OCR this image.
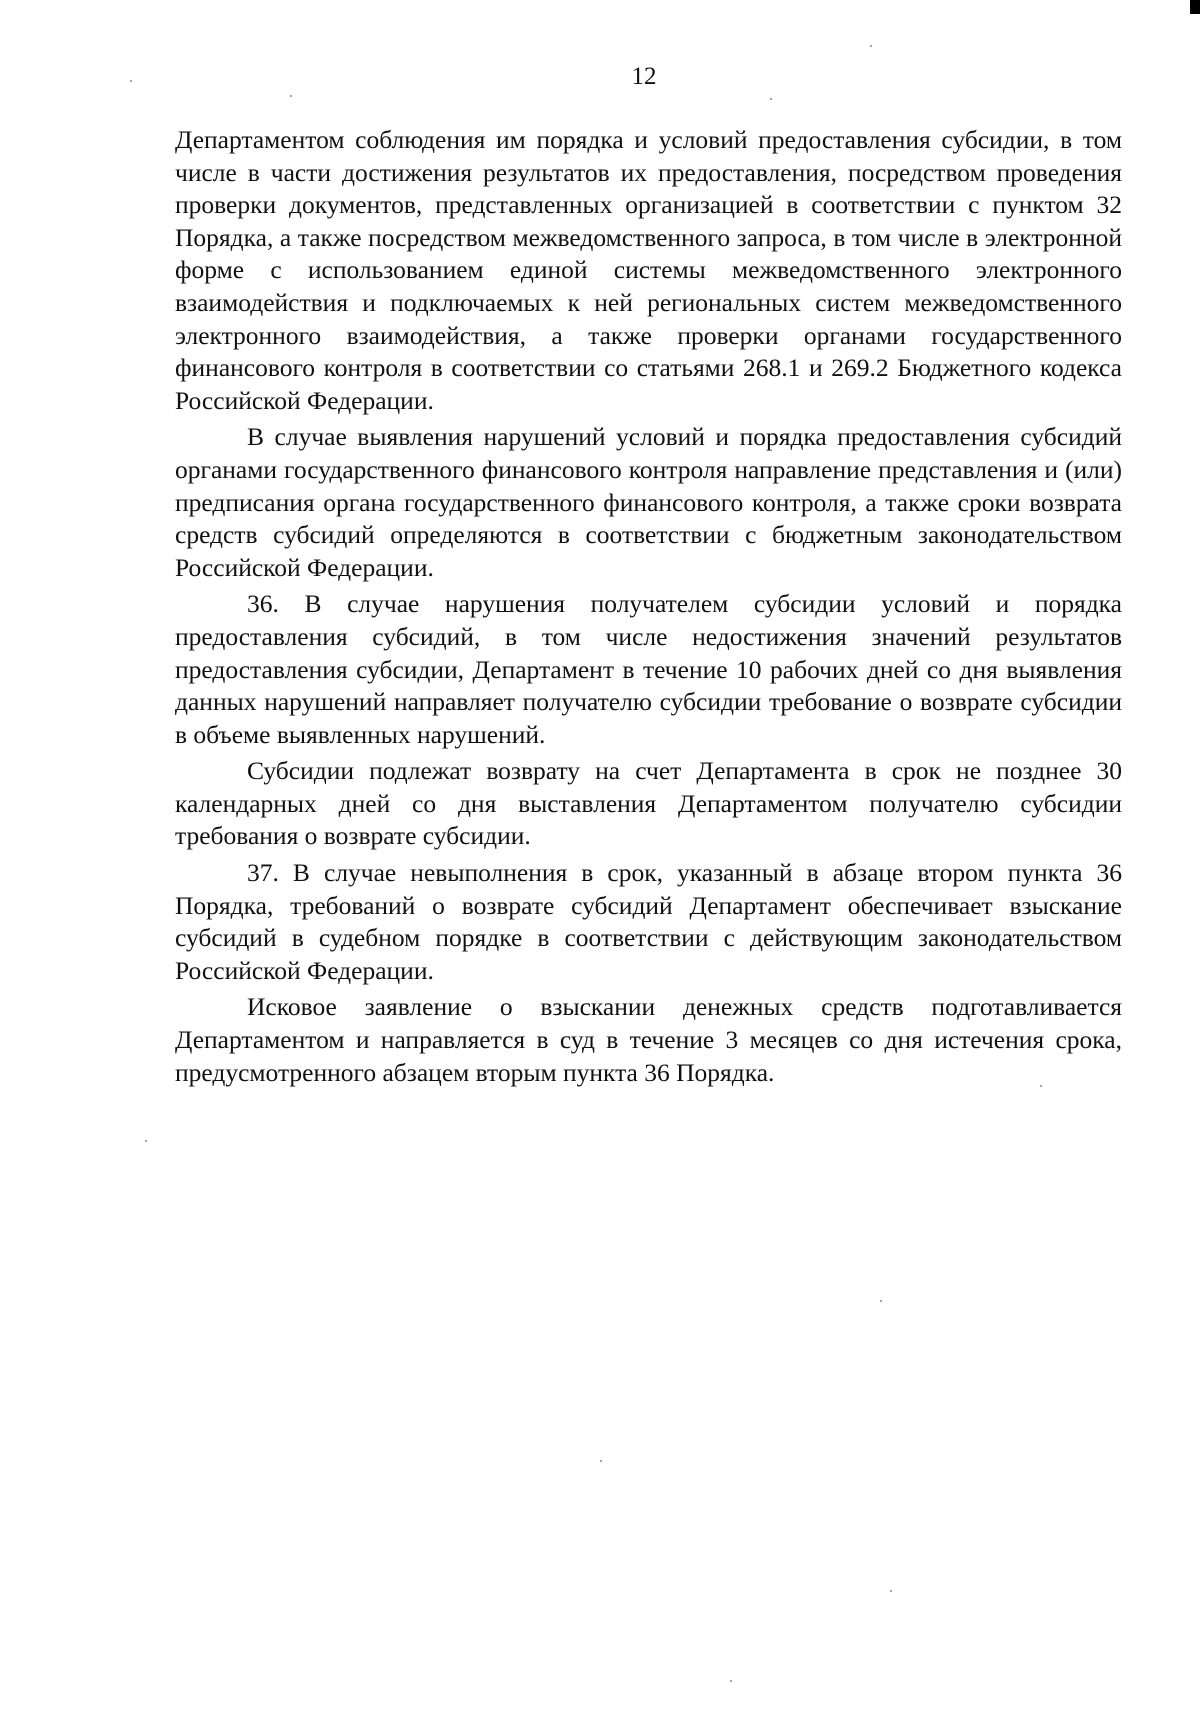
12

Департаментом соблюдения им порядка и условий предоставления субсидии, в том числе в части достижения результатов их предоставления, посредством проведения проверки документов, представленных организацией в соответствии с пунктом 32 Порядка, а также посредством межведомственного запроса, в том числе в электронной форме с использованием единой системы межведомственного электронного взаимодействия и подключаемых к ней региональных систем межведомственного электронного взаимодействия, а также проверки органами государственного финансового контроля в соответствии со статьями 268.1 и 269.2 Бюджетного кодекса Российской Федерации.

В случае выявления нарушений условий и порядка предоставления субсидий органами государственного финансового контроля направление представления и (или) предписания органа государственного финансового контроля, а также сроки возврата средств субсидий определяются в соответствии с бюджетным законодательством Российской Федерации.

36. В случае нарушения получателем субсидии условий и порядка предоставления субсидий, в том числе недостижения значений результатов предоставления субсидии, Департамент в течение 10 рабочих дней со дня выявления данных нарушений направляет получателю субсидии требование о возврате субсидии в объеме выявленных нарушений.

Субсидии подлежат возврату на счет Департамента в срок не позднее 30 календарных дней со дня выставления Департаментом получателю субсидии требования о возврате субсидии.

37. В случае невыполнения в срок, указанный в абзаце втором пункта 36 Порядка, требований о возврате субсидий Департамент обеспечивает взыскание субсидий в судебном порядке в соответствии с действующим законодательством Российской Федерации.

Исковое заявление о взыскании денежных средств подготавливается Департаментом и направляется в суд в течение 3 месяцев со дня истечения срока, предусмотренного абзацем вторым пункта 36 Порядка.
